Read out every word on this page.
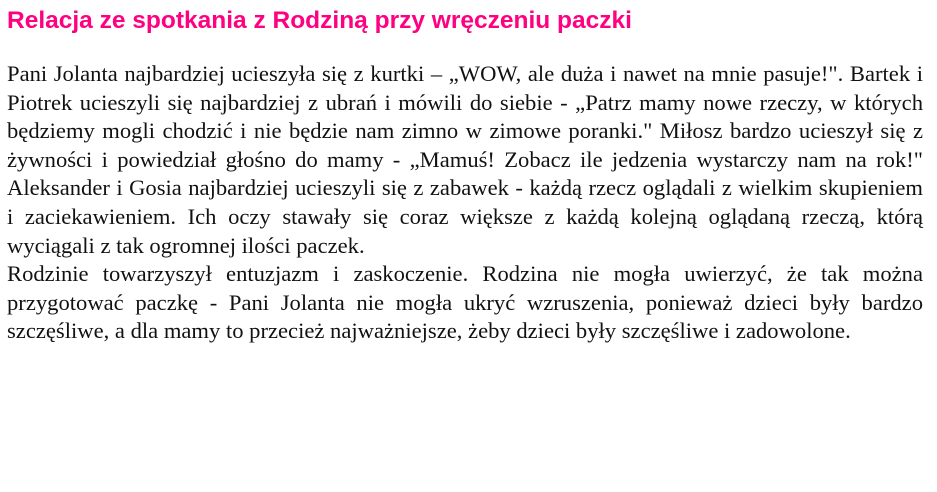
Relacja ze spotkania z Rodziną przy wręczeniu paczki

Pani Jolanta najbardziej ucieszyła się z kurtki – „WOW, ale duża i nawet na mnie pasuje!". Bartek i Piotrek ucieszyli się najbardziej z ubrań i mówili do siebie - „Patrz mamy nowe rzeczy, w których będziemy mogli chodzić i nie będzie nam zimno w zimowe poranki." Miłosz bardzo ucieszył się z żywności i powiedział głośno do mamy - „Mamuś! Zobacz ile jedzenia wystarczy nam na rok!" Aleksander i Gosia najbardziej ucieszyli się z zabawek - każdą rzecz oglądali z wielkim skupieniem i zaciekawieniem. Ich oczy stawały się coraz większe z każdą kolejną oglądaną rzeczą, którą wyciągali z tak ogromnej ilości paczek.

Rodzinie towarzyszył entuzjazm i zaskoczenie. Rodzina nie mogła uwierzyć, że tak można przygotować paczkę - Pani Jolanta nie mogła ukryć wzruszenia, ponieważ dzieci były bardzo szczęśliwe, a dla mamy to przecież najważniejsze, żeby dzieci były szczęśliwe i zadowolone.
